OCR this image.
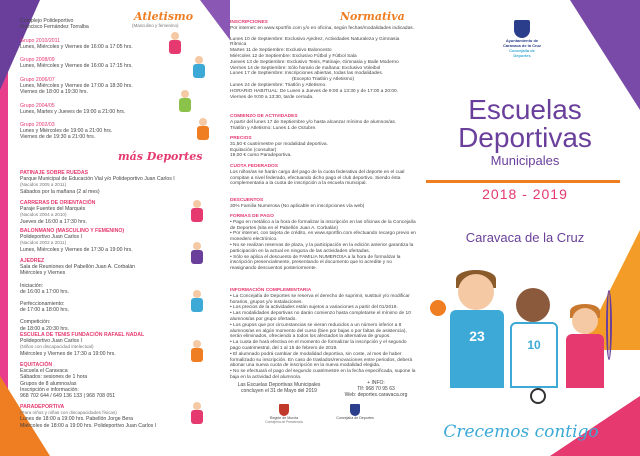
Atletismo
(Masculino y femenino)
Complejo Polideportivo
Francisco Fernández Torralba
Grupo 2010/2011
Lunes, Miércoles y Viernes de 16:00 a 17:05 hrs.
Grupo 2008/09
Lunes, Miércoles y Viernes de 16:00 a 17:15 hrs.
Grupo 2006/07
Lunes, Miércoles y Viernes de 17:00 a 18:30 hrs.
Viernes de 18:00 a 19:30 hrs.
Grupo 2004/05
Lunes, Martes y Jueves de 19:00 a 21:00 hrs.
Grupo 2002/03
Lunes y Miércoles de 19:00 a 21:00 hrs.
Viernes de de 19:30 a 21:00 hrs.
más Deportes
PATINAJE SOBRE RUEDAS
Parque Municipal de Educación Vial y/o Polideportivo Juan Carlos I
(Nacidos 2005 a 2011)
Sábados por la mañana (2 al mes)
CARRERAS DE ORIENTACIÓN
Paraje Fuentes del Marqués
(Nacidos 2004 a 2010)
Jueves de 16:00 a 17:30 hrs.
BALONMANO (MASCULINO Y FEMENINO)
Polideportivo Juan Carlos I
(Nacidos 2002 a 2011)
Lunes, Miércoles y Viernes de 17:30 a 19:00 hrs.
AJEDREZ
Sala de Reuniones del Pabellón Juan A. Corbalán
Miércoles y Viernes
Iniciación:
de 16:00 a 17:00 hrs.
Perfeccionamiento:
de 17:00 a 18:00 hrs.
Competición:
de 18:00 a 20:30 hrs.
ESCUELA DE TENIS FUNDACIÓN RAFAEL NADAL
Polideportivo Juan Carlos I
(Niños con discapacidad intelectual)
Miércoles y Viernes de 17:30 a 19:00 hrs.
EQUITACIÓN
Escuela el Caravaca
Sábados: sesiones de 1 hora
Grupos de 8 alumnos/as
Inscripción e información:
968 702 644 / 649 136 133 | 968 708 051
PARADEPORTIVA
(Para niños y niñas con discapacidades físicas)
Lunes de 18:00 a 19:00 hrs. Pabellón Jorge Bera
Miércoles de 18:00 a 19:00 hrs. Polideportivo Juan Carlos I
Normativa
INSCRIPCIONES
Por internet: en www.sportfin.com y/o en oficina, según fechas/modalidades indicadas.
Lunes 10 de Septiembre: Exclusivo Ajedrez, Actividades Naturaleza y Gimnasia Rítmica
Martes 11 de Septiembre: Exclusivo Baloncesto
Miércoles 12 de Septiembre: Exclusivo Fútbol y Fútbol Sala
Jueves 13 de Septiembre: Exclusivo Tenis, Patinaje, Gimnasia y Baile Moderno
Viernes 14 de Septiembre: Sólo horario de mañana: Exclusivo Voleibol
Lunes 17 de Septiembre: Inscripciones abiertas, todas las modalidades.
(Excepto Triatlón y Atletismo)
Lunes 24 de Septiembre: Triatlón y Atletismo.
HORARIO HABITUAL: De Lunes a Jueves de 9:00 a 13:30 y de 17:00 a 20:00.
Viernes de 9:00 a 13:30, tarde cerrada.
COMIENZO DE ACTIVIDADES
A partir del lunes 17 de Septiembre y/o hasta alcanzar mínimo de alumnos/as.
Triatlón y Atletismo: Lunes 1 de Octubre.
PRECIOS
31,50 € cuatrimestre por modalidad deportiva.
Equitación (consultar)
19,00 € curso Paradeportiva.
CUOTA FEDERADOS
Los niños/as se harán cargo del pago de la cuota federativa del deporte en el cual compitan a nivel federado, efectuando dicho pago el club deportivo. Siendo ésta complementaria a la cuota de inscripción a la escuela municipal.
DESCUENTOS
30% Familia Numerosa (No aplicable en inscripciones vía web)
FORMAS DE PAGO
• Pago en metálico a la hora de formalizar la inscripción en las oficinas de la Concejalía de Deportes (sita en el Pabellón Juan A. Corbalán)
• Por internet, con tarjeta de crédito, en www.sportfin.com efectuando recargo previo en monedero electrónico.
• No se realizan reservas de plaza, y la participación en la edición anterior garantiza la participación en la actual en ninguna de las actividades ofertadas.
• Sólo se aplica el descuento de FAMILIA NUMEROSA a la hora de formalizar la inscripción presencialmente, presentando el documento que lo acredite y no reasignando descuentos posteriormente.
INFORMACIÓN COMPLEMENTARIA
• La Concejalía de Deportes se reserva el derecho de suprimir, sustituir y/o modificar horarios, grupos y/o instalaciones.
• Los precios de la actividades están sujetos a variaciones a partir del 01/2019.
• Las modalidades deportivas no darán comienzo hasta completarse el mínimo de 10 alumnos/as por grupo ofertado.
• Los grupos que por circunstancias se vieran reducidos a un número inferior a 8 alumnos/as en algún momento del curso (bien por bajas o por faltas de asistencia), serán eliminados, ofreciendo a todos los afectados la alternativa de grupos.
• La cuota de hará efectiva en el momento de formalizar la inscripción y el segundo pago cuatrimestral, del 1 al 15 de febrero de 2019.
• El alumnado podrá cambiar de modalidad deportiva, sin coste, al mes de haber formalizado su inscripción. En caso de traslados/renovaciones entre periodos, deberá abonar una nueva cuota de inscripción en la nueva modalidad elegida.
• No se efectuará el pago del segundo cuatrimestre en la fecha especificada, supone la baja en la actividad del alumno/a.
Las Escuelas Deportivas Municipales concluyen el 31 de Mayo del 2019
+ INFO:
Tlf: 968 70 95 63
Web: deportes.caravaca.org
Región de Murcia
Consejería de Presidencia
Concejalía de Deportes
Ayuntamiento de
Caravaca de la Cruz
Concejalía de Deportes
Escuelas
Deportivas
Municipales
2018 - 2019
Caravaca de la Cruz
23
10
Crecemos contigo
